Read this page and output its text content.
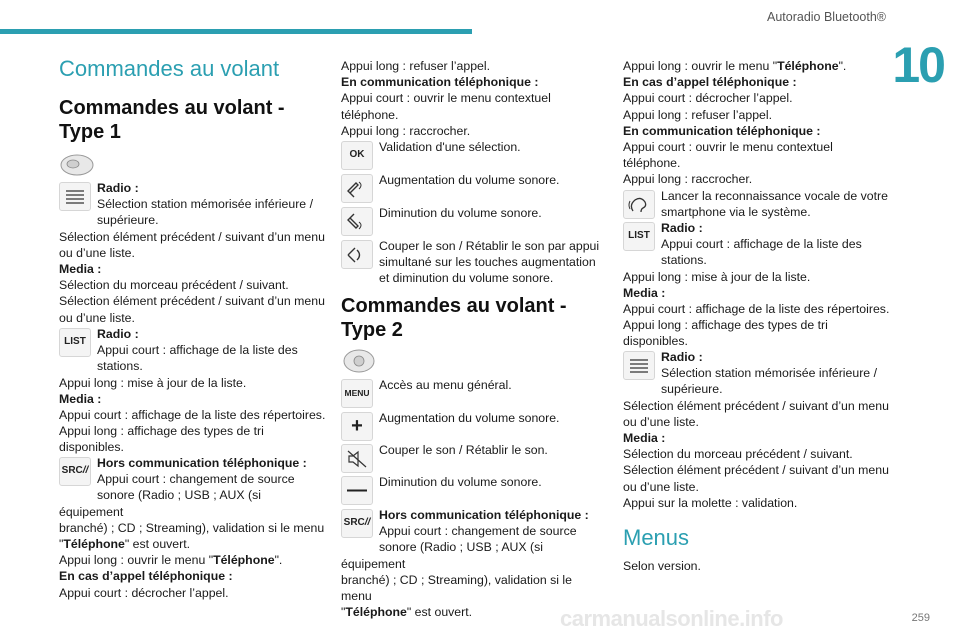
Autoradio Bluetooth®
10
Commandes au volant
Commandes au volant -
Type 1

Radio :

Sélection station mémorisée inférieure /

supérieure.

Sélection élément précédent / suivant d’un menu

ou d’une liste.

Media :

Sélection du morceau précédent / suivant.

Sélection élément précédent / suivant d’un menu

ou d’une liste.

LIST

Radio :

Appui court : affichage de la liste des

stations.

Appui long : mise à jour de la liste.

Media :

Appui court : affichage de la liste des répertoires.

Appui long : affichage des types de tri

disponibles.

SRC //

Hors communication téléphonique :

Appui court : changement de source

sonore (Radio ; USB ; AUX (si équipement

branché) ; CD ; Streaming), validation si le menu

"Téléphone" est ouvert.

Appui long : ouvrir le menu "Téléphone".

En cas d’appel téléphonique :

Appui court : décrocher l’appel.

Appui long : refuser l’appel.

En communication téléphonique :

Appui court : ouvrir le menu contextuel

téléphone.

Appui long : raccrocher.

OK

Validation d'une sélection.

Augmentation du volume sonore.

Diminution du volume sonore.

Couper le son / Rétablir le son par appui

simultané sur les touches augmentation

et diminution du volume sonore.

Commandes au volant -
Type 2
MENU

Accès au menu général.

+	Augmentation du volume sonore.

Couper le son / Rétablir le son.

— Diminution du volume sonore.

SRC //

Hors communication téléphonique :

Appui court : changement de source

sonore (Radio ; USB ; AUX (si équipement

branché) ; CD ; Streaming), validation si le menu

"Téléphone" est ouvert.

Appui long : ouvrir le menu "Téléphone".

En cas d’appel téléphonique :

Appui court : décrocher l’appel.

Appui long : refuser l’appel.

En communication téléphonique :

Appui court : ouvrir le menu contextuel

téléphone.

Appui long : raccrocher.

Lancer la reconnaissance vocale de votre

smartphone via le système.

LIST

Radio :

Appui court : affichage de la liste des

stations.

Appui long : mise à jour de la liste.

Media :

Appui court : affichage de la liste des répertoires.

Appui long : affichage des types de tri

disponibles.

Radio :

Sélection station mémorisée inférieure /

supérieure.

Sélection élément précédent / suivant d’un menu

ou d’une liste.

Media :

Sélection du morceau précédent / suivant.

Sélection élément précédent / suivant d’un menu

ou d’une liste.

Appui sur la molette : validation.

Menus

Selon version.

carmanualsonline.info	259
